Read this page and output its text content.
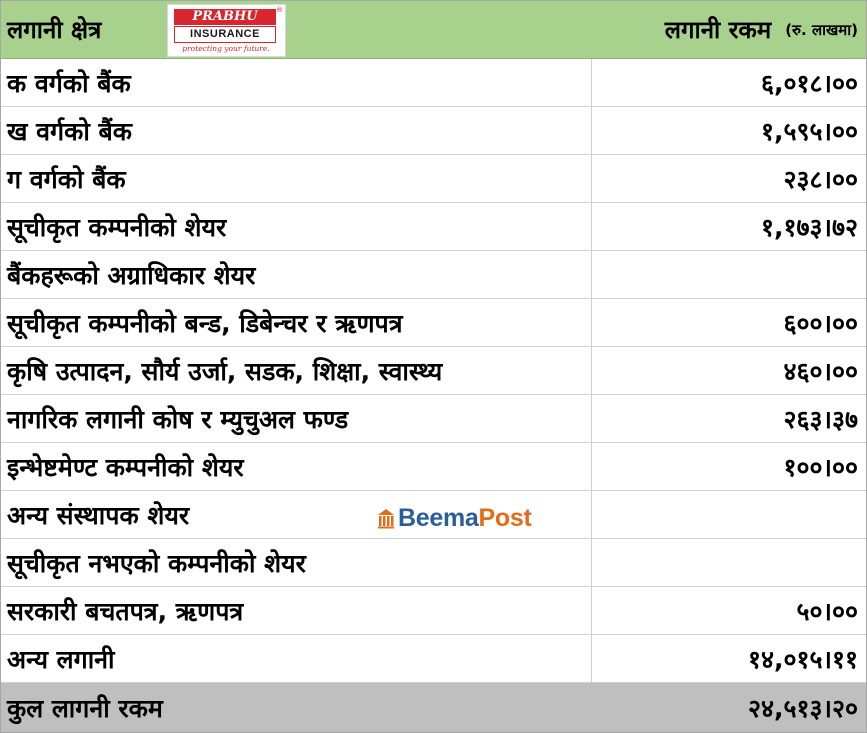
लगानी क्षेत्र	लगानी रकम (रु. लाखमा)
PRABHU	®
INSURANCE
protecting your future.
क वर्गको बैंक	६,०१८।००
ख वर्गको बैंक	१,५९५।००
ग वर्गको बैंक	२३८।००
सूचीकृत कम्पनीको शेयर	१,१७३।७२
बैंकहरूको अग्राधिकार शेयर
सूचीकृत कम्पनीको बन्ड, डिबेन्चर र ऋणपत्र	६००।००
कृषि उत्पादन, सौर्य उर्जा, सडक, शिक्षा, स्वास्थ्य	४६०।००
नागरिक लगानी कोष र म्युचुअल फण्ड	२६३।३७
इन्भेष्टमेण्ट कम्पनीको शेयर	१००।००
अन्य संस्थापक शेयर
सूचीकृत नभएको कम्पनीको शेयर
सरकारी बचतपत्र, ऋणपत्र	५०।००
अन्य लगानी	१४,०१५।११
कुल लागनी रकम	२४,५१३।२०
BeemaPost
